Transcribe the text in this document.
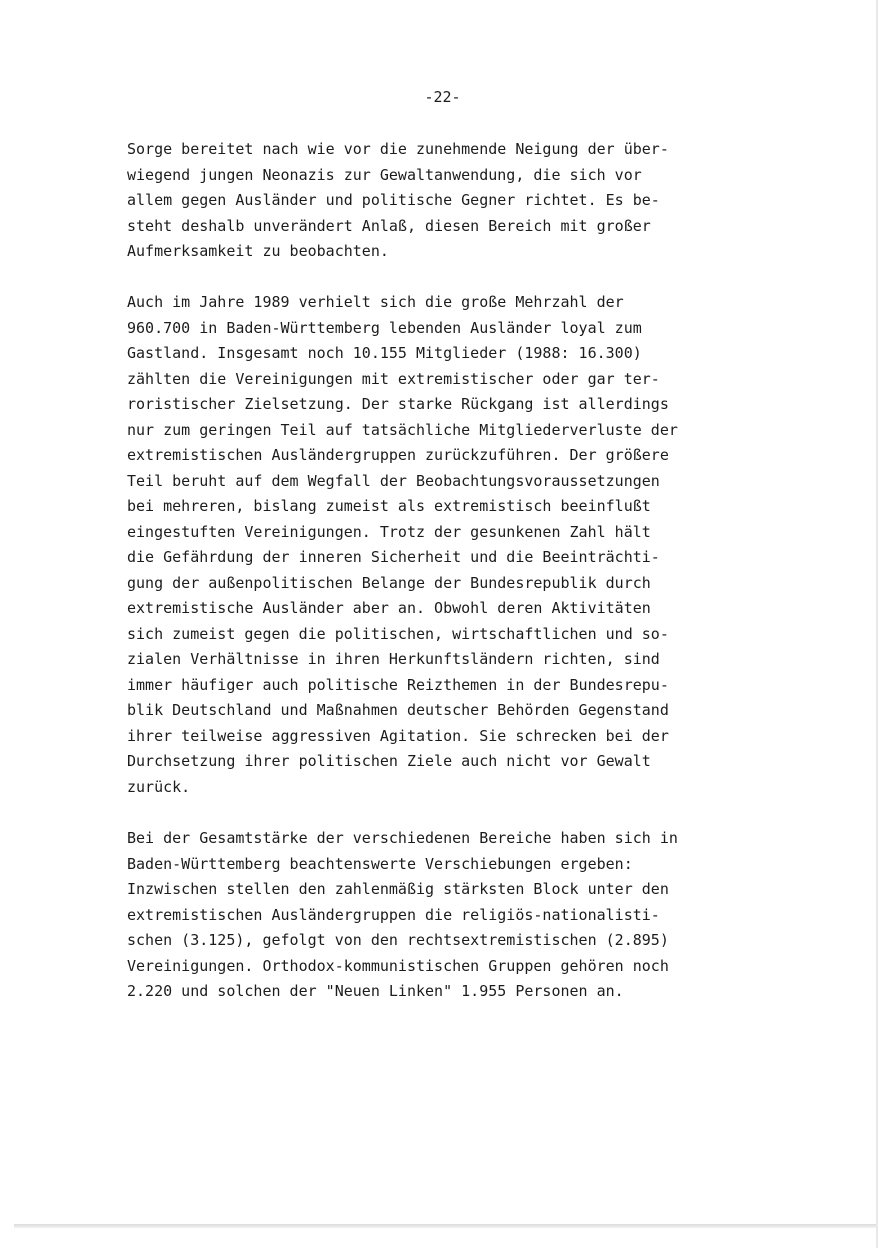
-22-

Sorge bereitet nach wie vor die zunehmende Neigung der über-
wiegend jungen Neonazis zur Gewaltanwendung, die sich vor
allem gegen Ausländer und politische Gegner richtet. Es be-
steht deshalb unverändert Anlaß, diesen Bereich mit großer
Aufmerksamkeit zu beobachten.
Auch im Jahre 1989 verhielt sich die große Mehrzahl der
960.700 in Baden-Württemberg lebenden Ausländer loyal zum
Gastland. Insgesamt noch 10.155 Mitglieder (1988: 16.300)
zählten die Vereinigungen mit extremistischer oder gar ter-
roristischer Zielsetzung. Der starke Rückgang ist allerdings
nur zum geringen Teil auf tatsächliche Mitgliederverluste der
extremistischen Ausländergruppen zurückzuführen. Der größere
Teil beruht auf dem Wegfall der Beobachtungsvoraussetzungen
bei mehreren, bislang zumeist als extremistisch beeinflußt
eingestuften Vereinigungen. Trotz der gesunkenen Zahl hält
die Gefährdung der inneren Sicherheit und die Beeinträchti-
gung der außenpolitischen Belange der Bundesrepublik durch
extremistische Ausländer aber an. Obwohl deren Aktivitäten
sich zumeist gegen die politischen, wirtschaftlichen und so-
zialen Verhältnisse in ihren Herkunftsländern richten, sind
immer häufiger auch politische Reizthemen in der Bundesrepu-
blik Deutschland und Maßnahmen deutscher Behörden Gegenstand
ihrer teilweise aggressiven Agitation. Sie schrecken bei der
Durchsetzung ihrer politischen Ziele auch nicht vor Gewalt
zurück.
Bei der Gesamtstärke der verschiedenen Bereiche haben sich in
Baden-Württemberg beachtenswerte Verschiebungen ergeben:
Inzwischen stellen den zahlenmäßig stärksten Block unter den
extremistischen Ausländergruppen die religiös-nationalisti-
schen (3.125), gefolgt von den rechtsextremistischen (2.895)
Vereinigungen. Orthodox-kommunistischen Gruppen gehören noch
2.220 und solchen der "Neuen Linken" 1.955 Personen an.
